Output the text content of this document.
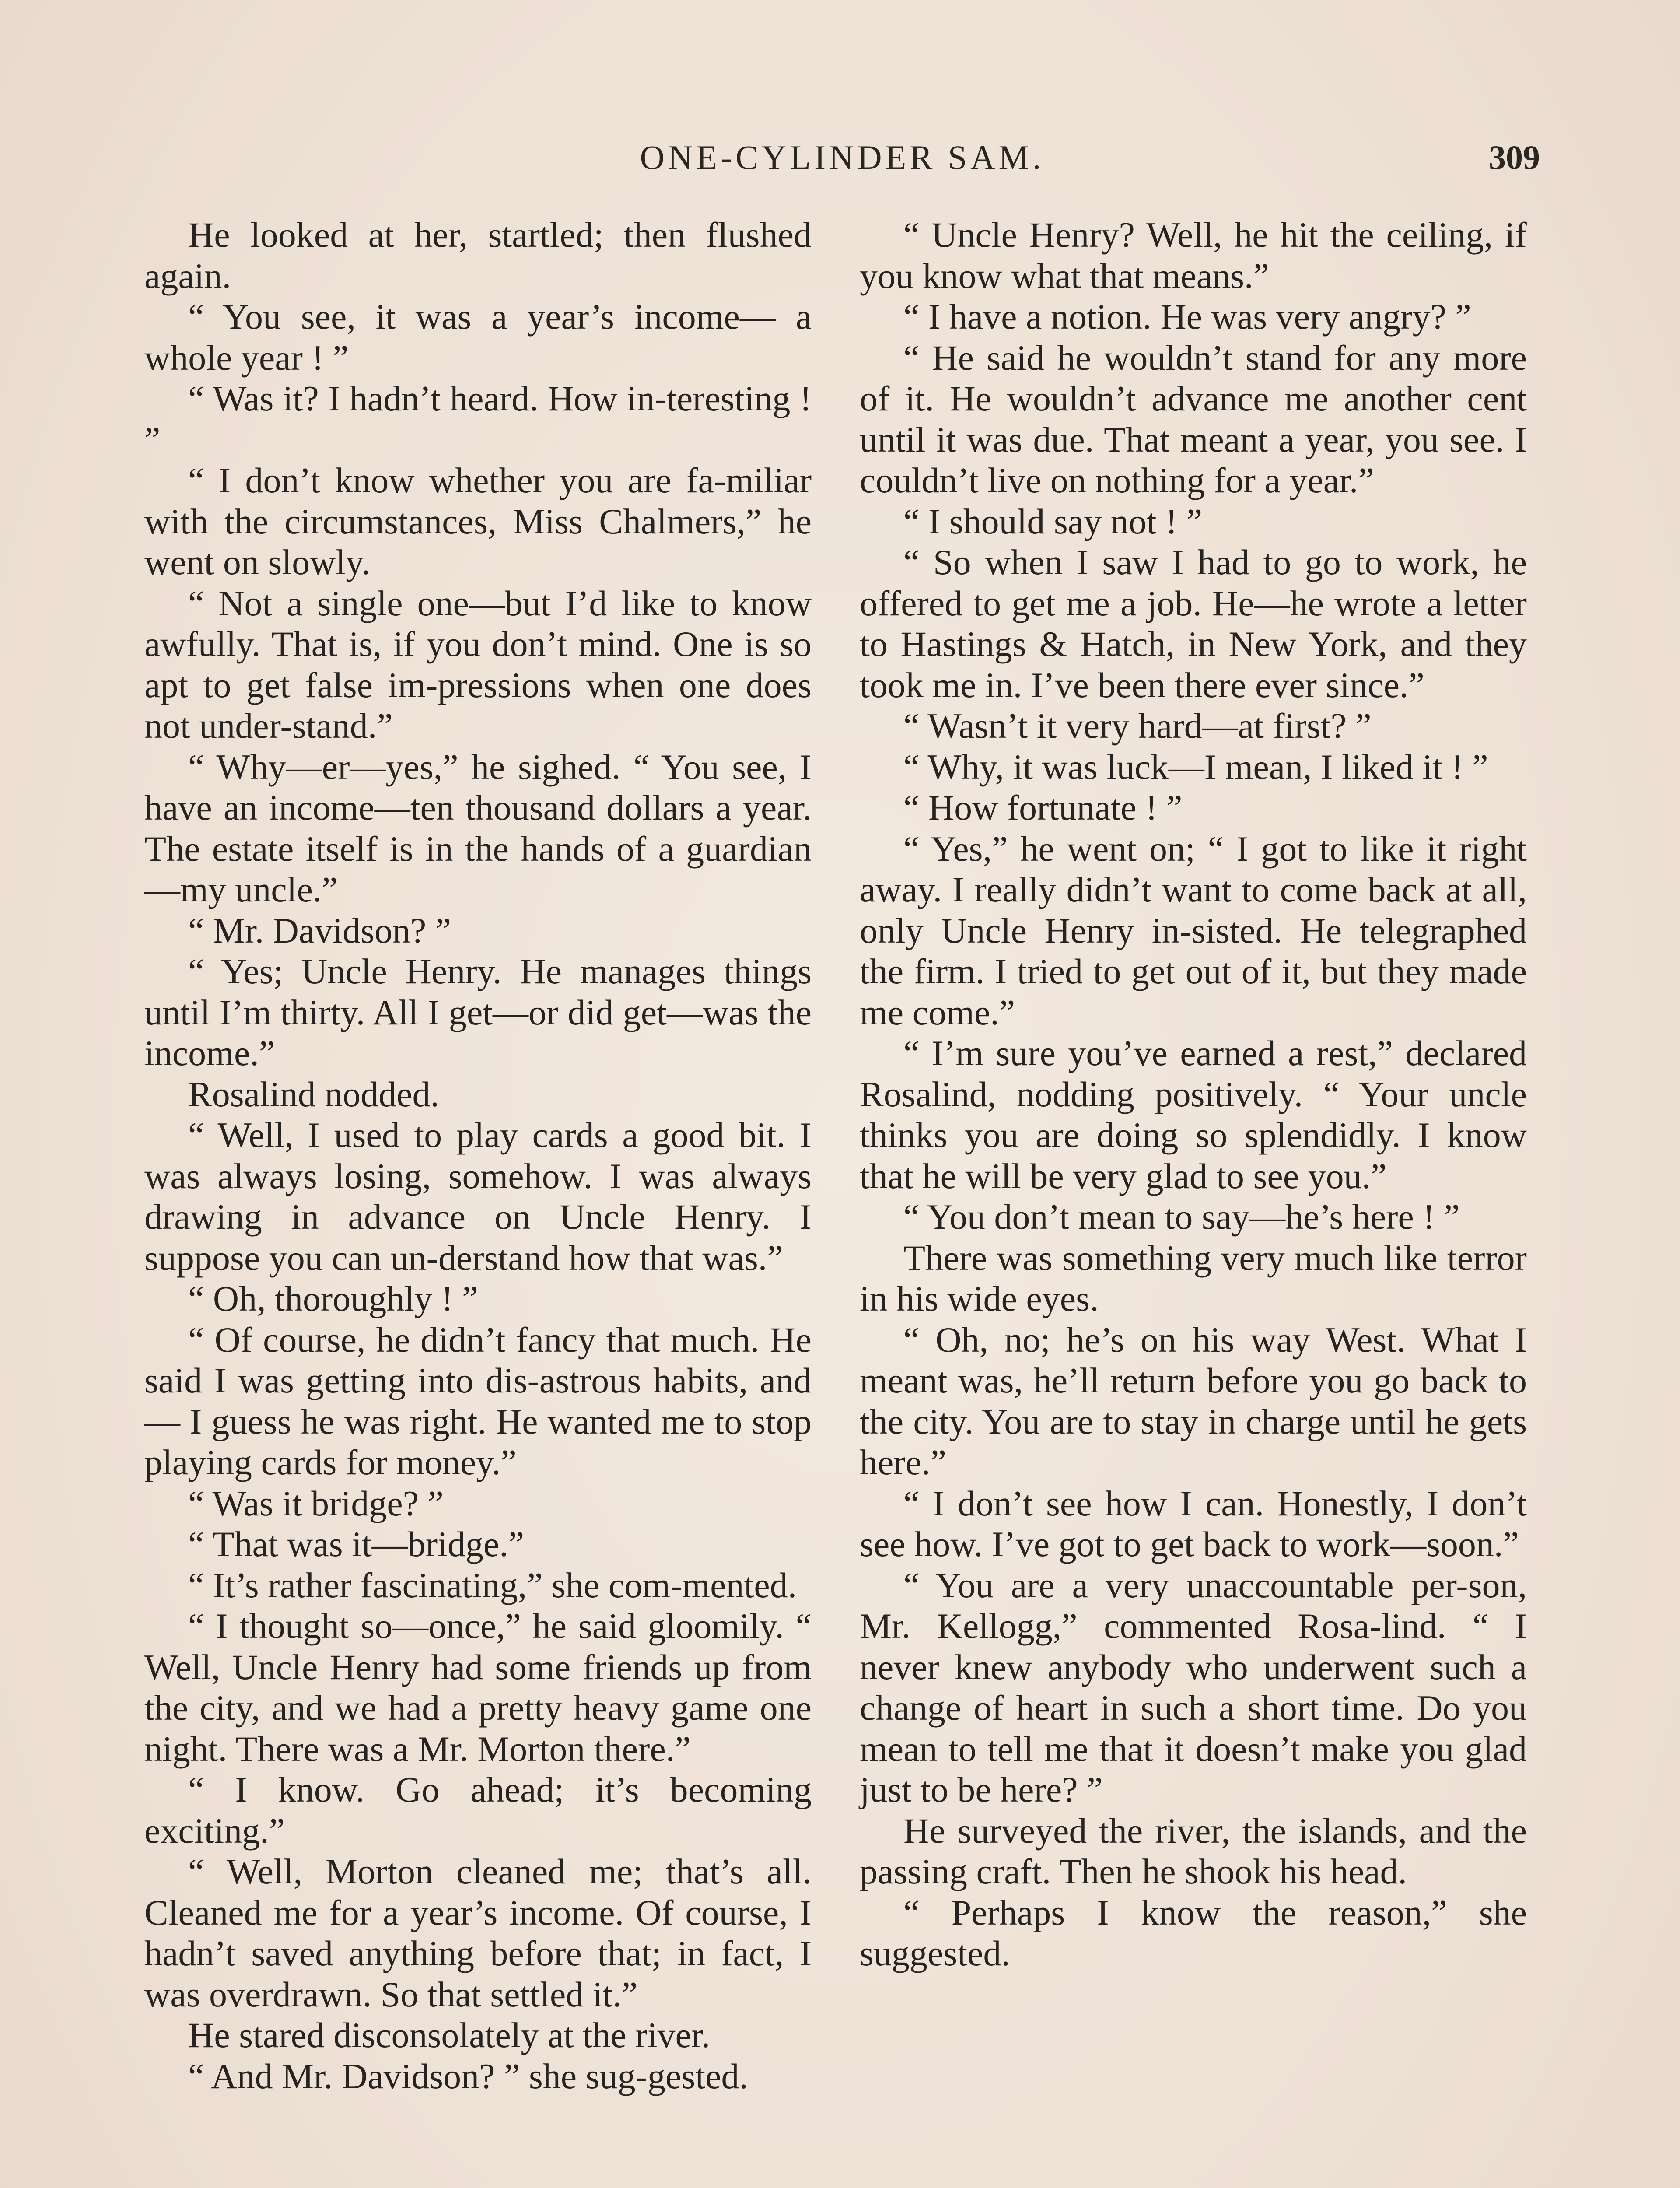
ONE-CYLINDER SAM.	309

He looked at her, startled; then flushed again.

“ You see, it was a year’s income— a whole year ! ”

“ Was it? I hadn’t heard. How in-teresting ! ”

“ I don’t know whether you are fa-miliar with the circumstances, Miss Chalmers,” he went on slowly.

“ Not a single one—but I’d like to know awfully. That is, if you don’t mind. One is so apt to get false im-pressions when one does not under-stand.”

“ Why—er—yes,” he sighed. “ You see, I have an income—ten thousand dollars a year. The estate itself is in the hands of a guardian—my uncle.”

“ Mr. Davidson? ”

“ Yes; Uncle Henry. He manages things until I’m thirty. All I get—or did get—was the income.”

Rosalind nodded.

“ Well, I used to play cards a good bit. I was always losing, somehow. I was always drawing in advance on Uncle Henry. I suppose you can un-derstand how that was.”

“ Oh, thoroughly ! ”

“ Of course, he didn’t fancy that much. He said I was getting into dis-astrous habits, and — I guess he was right. He wanted me to stop playing cards for money.”

“ Was it bridge? ”

“ That was it—bridge.”

“ It’s rather fascinating,” she com-mented.

“ I thought so—once,” he said gloomily. “ Well, Uncle Henry had some friends up from the city, and we had a pretty heavy game one night. There was a Mr. Morton there.”

“ I know. Go ahead; it’s becoming exciting.”

“ Well, Morton cleaned me; that’s all. Cleaned me for a year’s income. Of course, I hadn’t saved anything before that; in fact, I was overdrawn. So that settled it.”

He stared disconsolately at the river.

“ And Mr. Davidson? ” she sug-gested.

“ Uncle Henry? Well, he hit the ceiling, if you know what that means.”

“ I have a notion. He was very angry? ”

“ He said he wouldn’t stand for any more of it. He wouldn’t advance me another cent until it was due. That meant a year, you see. I couldn’t live on nothing for a year.”

“ I should say not ! ”

“ So when I saw I had to go to work, he offered to get me a job. He—he wrote a letter to Hastings & Hatch, in New York, and they took me in. I’ve been there ever since.”

“ Wasn’t it very hard—at first? ”

“ Why, it was luck—I mean, I liked it ! ”

“ How fortunate ! ”

“ Yes,” he went on; “ I got to like it right away. I really didn’t want to come back at all, only Uncle Henry in-sisted. He telegraphed the firm. I tried to get out of it, but they made me come.”

“ I’m sure you’ve earned a rest,” declared Rosalind, nodding positively. “ Your uncle thinks you are doing so splendidly. I know that he will be very glad to see you.”

“ You don’t mean to say—he’s here ! ”

There was something very much like terror in his wide eyes.

“ Oh, no; he’s on his way West. What I meant was, he’ll return before you go back to the city. You are to stay in charge until he gets here.”

“ I don’t see how I can. Honestly, I don’t see how. I’ve got to get back to work—soon.”

“ You are a very unaccountable per-son, Mr. Kellogg,” commented Rosa-lind. “ I never knew anybody who underwent such a change of heart in such a short time. Do you mean to tell me that it doesn’t make you glad just to be here? ”

He surveyed the river, the islands, and the passing craft. Then he shook his head.

“ Perhaps I know the reason,” she suggested.
